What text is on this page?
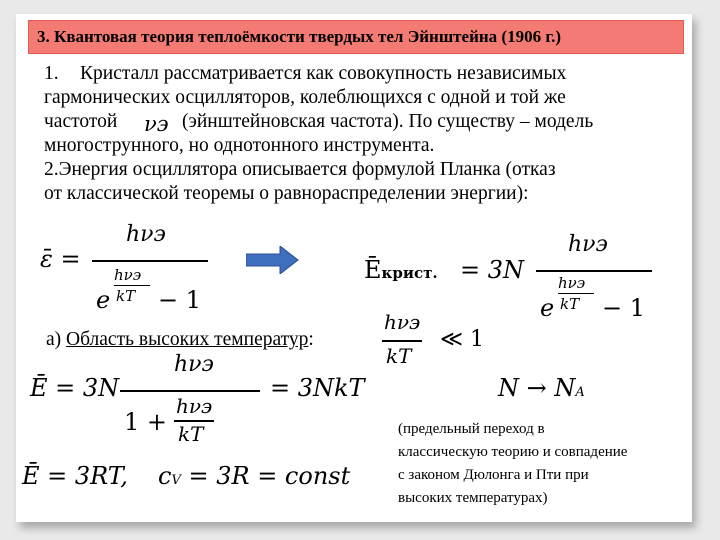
3. Квантовая теория теплоёмкости твердых тел Эйнштейна (1906 г.)
1. Кристалл рассматривается как совокупность независимых
гармонических осцилляторов, колеблющихся с одной и той же
частотой νэ (эйнштейновская частота). По существу – модель
многострунного, но однотонного инструмента.
2.Энергия осциллятора описывается формулой Планка (отказ
от классической теоремы о равнораспределении энергии):
ε̄ =
hνэ
e
hνэ
kT − 1
Ēкрист. = 3N
hνэ
e
hνэ
kT − 1
а) Область высоких температур:
hνэ
kT
≪ 1
Ē = 3N
hνэ
1 +
hνэ
kT
= 3NkT	N → NA
Ē = 3RT, cV = 3R = const
(предельный переход в
классическую теорию и совпадение
с законом Дюлонга и Пти при
высоких температурах)
